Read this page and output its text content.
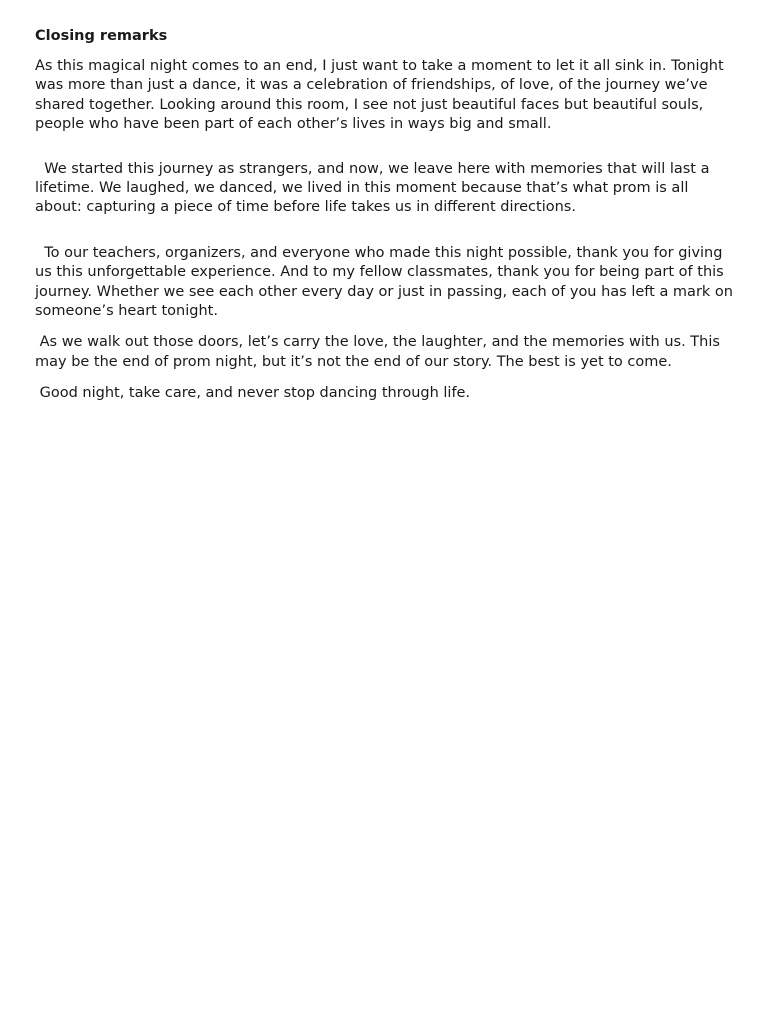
Closing remarks

As this magical night comes to an end, I just want to take a moment to let it all sink in. Tonight was more than just a dance, it was a celebration of friendships, of love, of the journey we’ve shared together. Looking around this room, I see not just beautiful faces but beautiful souls, people who have been part of each other’s lives in ways big and small.

We started this journey as strangers, and now, we leave here with memories that will last a lifetime. We laughed, we danced, we lived in this moment because that’s what prom is all about: capturing a piece of time before life takes us in different directions.

To our teachers, organizers, and everyone who made this night possible, thank you for giving us this unforgettable experience. And to my fellow classmates, thank you for being part of this journey. Whether we see each other every day or just in passing, each of you has left a mark on someone’s heart tonight.

As we walk out those doors, let’s carry the love, the laughter, and the memories with us. This may be the end of prom night, but it’s not the end of our story. The best is yet to come.

Good night, take care, and never stop dancing through life.
